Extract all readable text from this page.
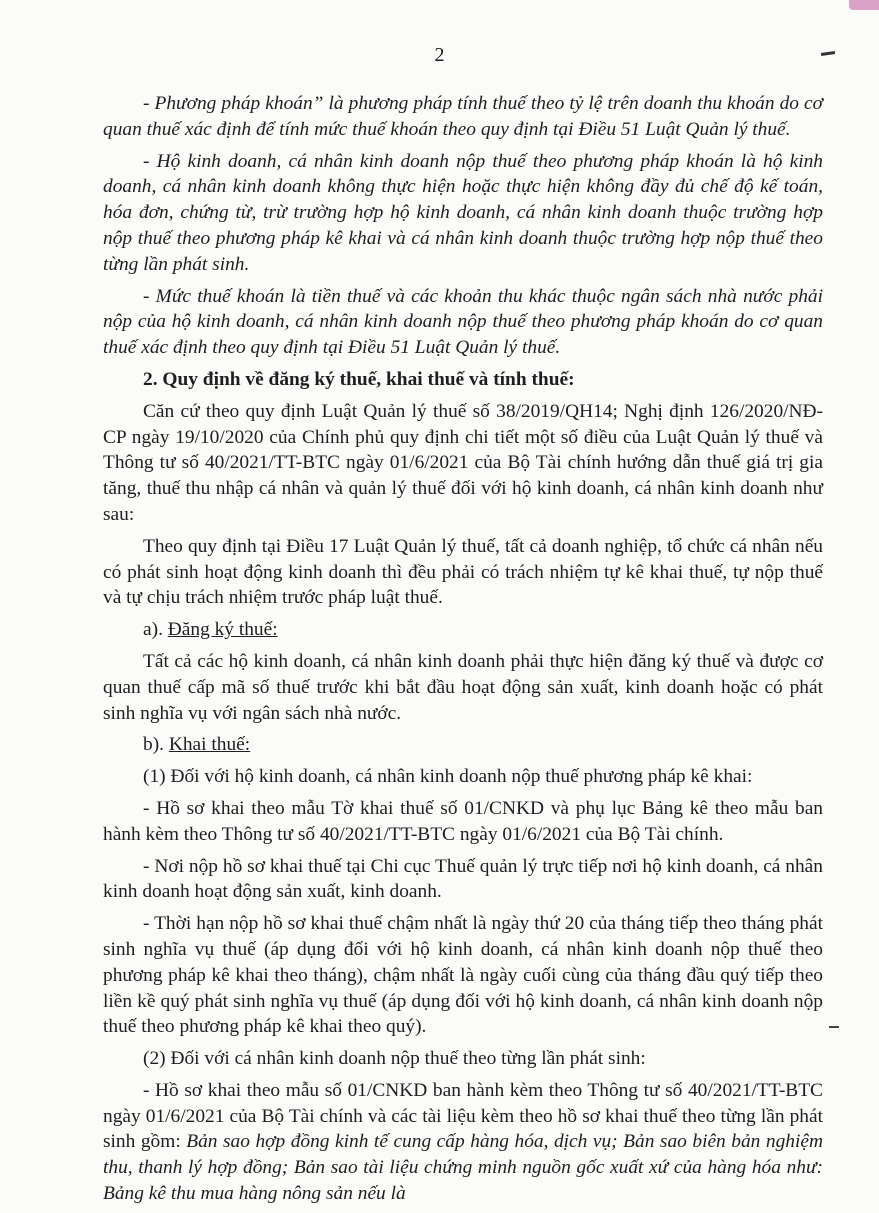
2

- Phương pháp khoán” là phương pháp tính thuế theo tỷ lệ trên doanh thu khoán do cơ quan thuế xác định để tính mức thuế khoán theo quy định tại Điều 51 Luật Quản lý thuế.

- Hộ kinh doanh, cá nhân kinh doanh nộp thuế theo phương pháp khoán là hộ kinh doanh, cá nhân kinh doanh không thực hiện hoặc thực hiện không đầy đủ chế độ kế toán, hóa đơn, chứng từ, trừ trường hợp hộ kinh doanh, cá nhân kinh doanh thuộc trường hợp nộp thuế theo phương pháp kê khai và cá nhân kinh doanh thuộc trường hợp nộp thuế theo từng lần phát sinh.

- Mức thuế khoán là tiền thuế và các khoản thu khác thuộc ngân sách nhà nước phải nộp của hộ kinh doanh, cá nhân kinh doanh nộp thuế theo phương pháp khoán do cơ quan thuế xác định theo quy định tại Điều 51 Luật Quản lý thuế.

2. Quy định về đăng ký thuế, khai thuế và tính thuế:

Căn cứ theo quy định Luật Quản lý thuế số 38/2019/QH14; Nghị định 126/2020/NĐ-CP ngày 19/10/2020 của Chính phủ quy định chi tiết một số điều của Luật Quản lý thuế và Thông tư số 40/2021/TT-BTC ngày 01/6/2021 của Bộ Tài chính hướng dẫn thuế giá trị gia tăng, thuế thu nhập cá nhân và quản lý thuế đối với hộ kinh doanh, cá nhân kinh doanh như sau:

Theo quy định tại Điều 17 Luật Quản lý thuế, tất cả doanh nghiệp, tổ chức cá nhân nếu có phát sinh hoạt động kinh doanh thì đều phải có trách nhiệm tự kê khai thuế, tự nộp thuế và tự chịu trách nhiệm trước pháp luật thuế.

a). Đăng ký thuế:

Tất cả các hộ kinh doanh, cá nhân kinh doanh phải thực hiện đăng ký thuế và được cơ quan thuế cấp mã số thuế trước khi bắt đầu hoạt động sản xuất, kinh doanh hoặc có phát sinh nghĩa vụ với ngân sách nhà nước.

b). Khai thuế:

(1) Đối với hộ kinh doanh, cá nhân kinh doanh nộp thuế phương pháp kê khai:

- Hồ sơ khai theo mẫu Tờ khai thuế số 01/CNKD và phụ lục Bảng kê theo mẫu ban hành kèm theo Thông tư số 40/2021/TT-BTC ngày 01/6/2021 của Bộ Tài chính.

- Nơi nộp hồ sơ khai thuế tại Chi cục Thuế quản lý trực tiếp nơi hộ kinh doanh, cá nhân kinh doanh hoạt động sản xuất, kinh doanh.

- Thời hạn nộp hồ sơ khai thuế chậm nhất là ngày thứ 20 của tháng tiếp theo tháng phát sinh nghĩa vụ thuế (áp dụng đối với hộ kinh doanh, cá nhân kinh doanh nộp thuế theo phương pháp kê khai theo tháng), chậm nhất là ngày cuối cùng của tháng đầu quý tiếp theo liền kề quý phát sinh nghĩa vụ thuế (áp dụng đối với hộ kinh doanh, cá nhân kinh doanh nộp thuế theo phương pháp kê khai theo quý).

(2) Đối với cá nhân kinh doanh nộp thuế theo từng lần phát sinh:

- Hồ sơ khai theo mẫu số 01/CNKD ban hành kèm theo Thông tư số 40/2021/TT-BTC ngày 01/6/2021 của Bộ Tài chính và các tài liệu kèm theo hồ sơ khai thuế theo từng lần phát sinh gồm: Bản sao hợp đồng kinh tế cung cấp hàng hóa, dịch vụ; Bản sao biên bản nghiệm thu, thanh lý hợp đồng; Bản sao tài liệu chứng minh nguồn gốc xuất xứ của hàng hóa như: Bảng kê thu mua hàng nông sản nếu là
